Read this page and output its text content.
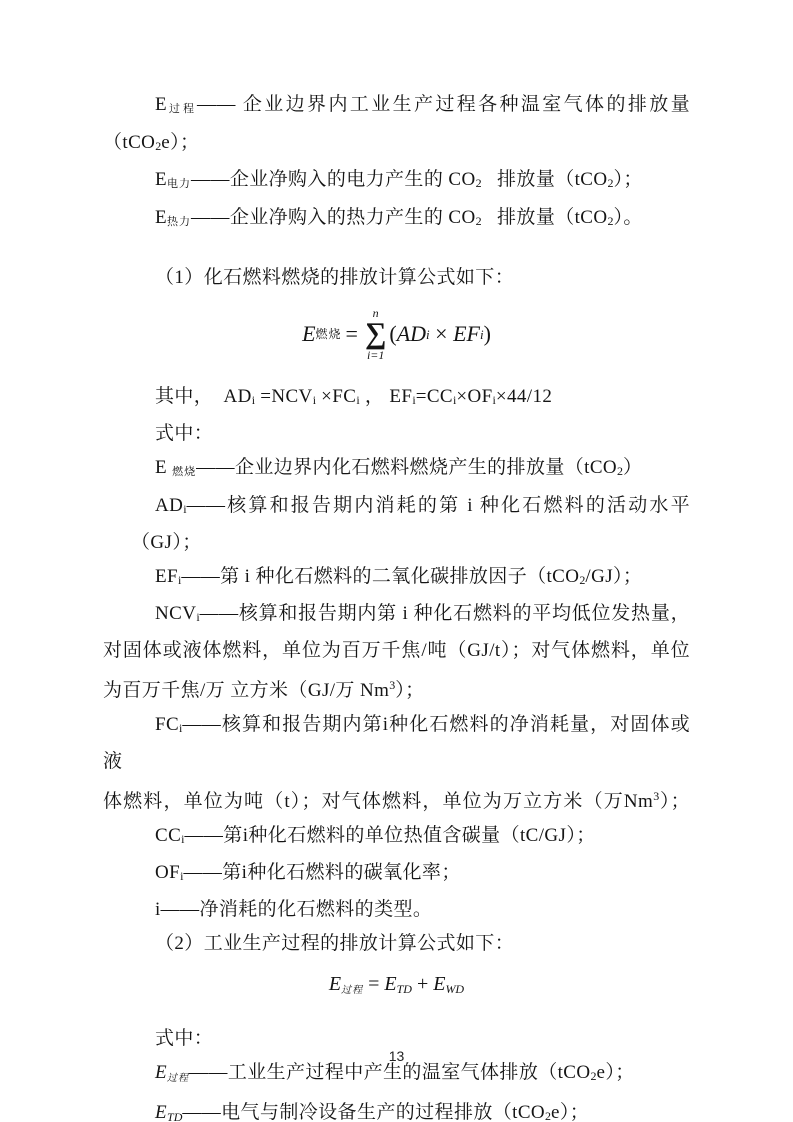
E过程—— 企业边界内工业生产过程各种温室气体的排放量
（tCO2e）；
E电力——企业净购入的电力产生的 CO2   排放量（tCO2）；
E热力——企业净购入的热力产生的 CO2   排放量（tCO2）。
（1）化石燃料燃烧的排放计算公式如下：
E 燃烧 =
n
∑
i=1
( AD i × EF i )
其中，  ADi =NCVi ×FCi ， EFi=CCi×OFi×44/12
式中：
E 燃烧——企业边界内化石燃料燃烧产生的排放量（tCO2）
ADi——核算和报告期内消耗的第 i 种化石燃料的活动水平
（GJ）；
EFi——第 i 种化石燃料的二氧化碳排放因子（tCO2/GJ）；
NCVi——核算和报告期内第 i 种化石燃料的平均低位发热量，
对固体或液体燃料，单位为百万千焦/吨（GJ/t）；对气体燃料，单位
为百万千焦/万 立方米（GJ/万 Nm$^3$）；
FCi——核算和报告期内第i种化石燃料的净消耗量，对固体或液
体燃料，单位为吨（t）；对气体燃料，单位为万立方米（万Nm$^3$）；
CCi——第i种化石燃料的单位热值含碳量（tC/GJ）；
OFi——第i种化石燃料的碳氧化率；
i——净消耗的化石燃料的类型。
（2）工业生产过程的排放计算公式如下：
E过程 = ETD + EWD
式中：
E过程——工业生产过程中产生的温室气体排放（tCO2e）；
ETD——电气与制冷设备生产的过程排放（tCO2e）；
13
